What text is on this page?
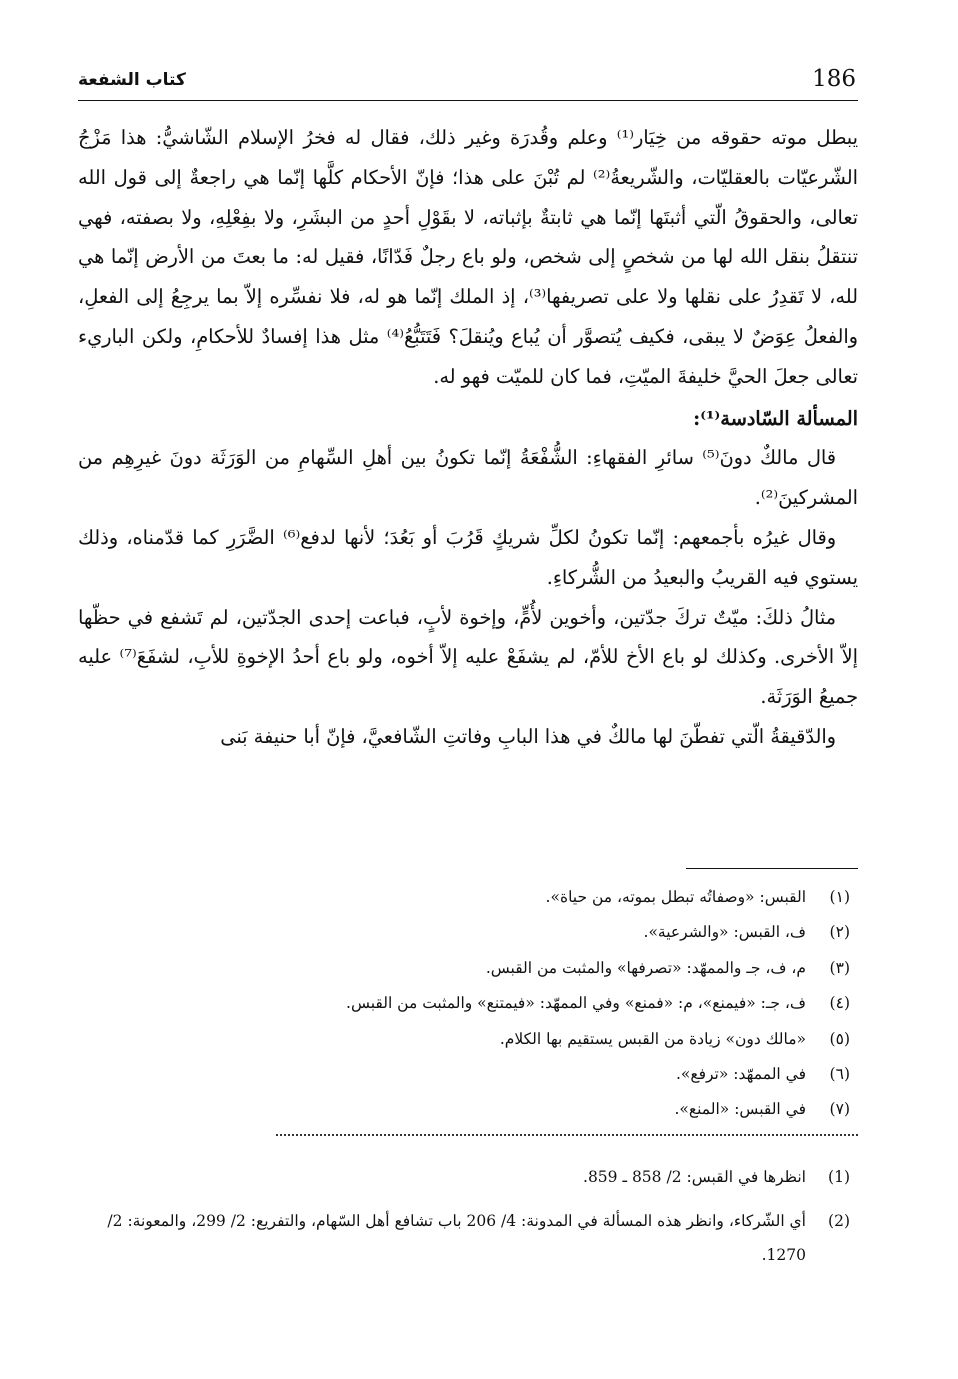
186
كتاب الشفعة

يبطل موته حقوقه من خِيَار⁽¹⁾ وعلم وقُدرَة وغير ذلك، فقال له فخرُ الإسلام الشّاشيُّ: هذا مَزْجُ الشّرعيّات بالعقليّات، والشّريعةُ⁽²⁾ لم تُبْنَ على هذا؛ فإنّ الأحكام كلَّها إنّما هي راجعةٌ إلى قول الله تعالى، والحقوقُ الّتي أثبتَها إنّما هي ثابتةٌ بإثباته، لا بقَوْلِ أحدٍ من البشَرِ، ولا بفِعْلِهِ، ولا بصفته، فهي تنتقلُ بنقل الله لها من شخصٍ إلى شخص، ولو باع رجلٌ فَدّانًا، فقيل له: ما بعتَ من الأرض إنّما هي لله، لا تَقدِرُ على نقلها ولا على تصريفها⁽³⁾، إذ الملك إنّما هو له، فلا نفسِّره إلاّ بما يرجِعُ إلى الفعلِ، والفعلُ عِوَضٌ لا يبقى، فكيف يُتصوَّر أن يُباع ويُنقلَ؟ فَتَتَبُّعُ⁽⁴⁾ مثل هذا إفسادٌ للأحكامِ، ولكن الباريء تعالى جعلَ الحيَّ خليفةَ الميّتِ، فما كان للميّت فهو له.

المسألة السّادسة⁽¹⁾:

قال مالكٌ دونَ⁽⁵⁾ سائرِ الفقهاءِ: الشُّفْعَةُ إنّما تكونُ بين أهلِ السِّهامِ من الوَرَثَة دونَ غيرِهِم من المشركينَ⁽²⁾.

وقال غيرُه بأجمعهم: إنّما تكونُ لكلِّ شريكٍ قَرُبَ أو بَعُدَ؛ لأنها لدفع⁽⁶⁾ الضَّرَرِ كما قدّمناه، وذلك يستوي فيه القريبُ والبعيدُ من الشُّركاءِ.

مثالُ ذلكَ: ميّتٌ تركَ جدّتين، وأخوين لأُمٍّ، وإخوة لأبٍ، فباعت إحدى الجدّتين، لم تَشفع في حظّها إلاّ الأخرى. وكذلك لو باع الأخ للأمّ، لم يشفَعْ عليه إلاّ أخوه، ولو باع أحدُ الإخوةِ للأبِ، لشفَعَ⁽⁷⁾ عليه جميعُ الوَرَثَة.

والدّقيقةُ الّتي تفطّنَ لها مالكٌ في هذا البابِ وفاتتِ الشّافعيَّ، فإنّ أبا حنيفة بَنى

(١)
القبس: «وصفاتُه تبطل بموته، من حياة».
(٢)
ف، القبس: «والشرعية».
(٣)
م، ف، جـ والممهّد: «تصرفها» والمثبت من القبس.
(٤)
ف، جـ: «فيمنع»، م: «فمنع» وفي الممهّد: «فيمتنع» والمثبت من القبس.
(٥)
«مالك دون» زيادة من القبس يستقيم بها الكلام.
(٦)
في الممهّد: «ترفع».
(٧)
في القبس: «المنع».
(1)
انظرها في القبس: 2/ 858 ـ 859.
(2)
أي الشّركاء، وانظر هذه المسألة في المدونة: 4/ 206 باب تشافع أهل السّهام، والتفريع: 2/ 299، والمعونة: 2/ 1270.
